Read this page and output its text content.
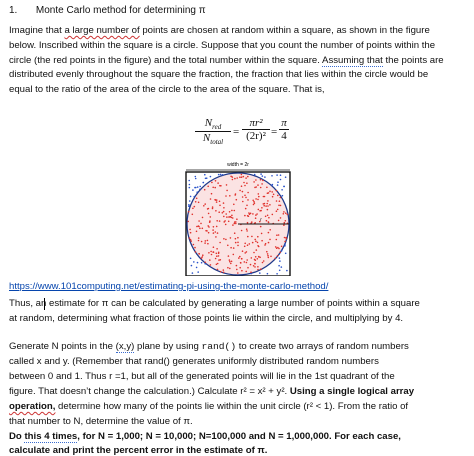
1. Monte Carlo method for determining π
Imagine that a large number of points are chosen at random within a square, as shown in the figure
below. Inscribed within the square is a circle. Suppose that you count the number of points within the
circle (the red points in the figure) and the total number within the square. Assuming that the points are
distributed evenly throughout the square the fraction, the fraction that lies within the circle would be
equal to the ratio of the area of the circle to the area of the square. That is,
$N_{red}$
$N_{total}$
= $\frac{\text{πr²}}{\text{(2r)²}} = \frac{\pi}{4}$
width = 2r
r
https://www.101computing.net/estimating-pi-using-the-monte-carlo-method/
Thus, an estimate for π can be calculated by generating a large number of points within a square
at random, determining what fraction of those points lie within the circle, and multiplying by 4.
Generate N points in the (x,y) plane by using rand() to create two arrays of random numbers
called x and y. (Remember that rand() generates uniformly distributed random numbers
between 0 and 1. Thus r =1, but all of the generated points will lie in the 1st quadrant of the
figure. That doesn’t change the calculation.) Calculate r² = x² + y². Using a single logical array
operation, determine how many of the points lie within the unit circle (r² < 1). From the ratio of
that number to N, determine the value of π.
Do this 4 times, for N = 1,000; N = 10,000; N=100,000 and N = 1,000,000. For each case,
calculate and print the percent error in the estimate of π.
